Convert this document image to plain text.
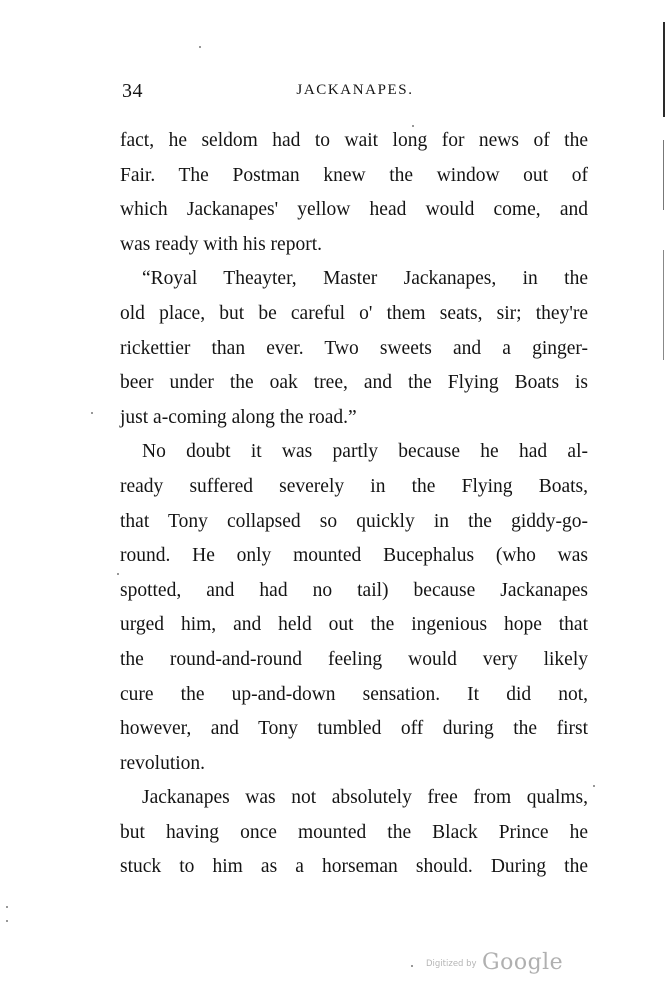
34	JACKANAPES.
fact, he seldom had to wait long for news of the
Fair. The Postman knew the window out of
which Jackanapes' yellow head would come, and
was ready with his report.
“Royal Theayter, Master Jackanapes, in the
old place, but be careful o' them seats, sir; they're
rickettier than ever. Two sweets and a ginger-
beer under the oak tree, and the Flying Boats is
just a-coming along the road.”
No doubt it was partly because he had al-
ready suffered severely in the Flying Boats,
that Tony collapsed so quickly in the giddy-go-
round. He only mounted Bucephalus (who was
spotted, and had no tail) because Jackanapes
urged him, and held out the ingenious hope that
the round-and-round feeling would very likely
cure the up-and-down sensation. It did not,
however, and Tony tumbled off during the first
revolution.
Jackanapes was not absolutely free from qualms,
but having once mounted the Black Prince he
stuck to him as a horseman should. During the
Digitized by Google
